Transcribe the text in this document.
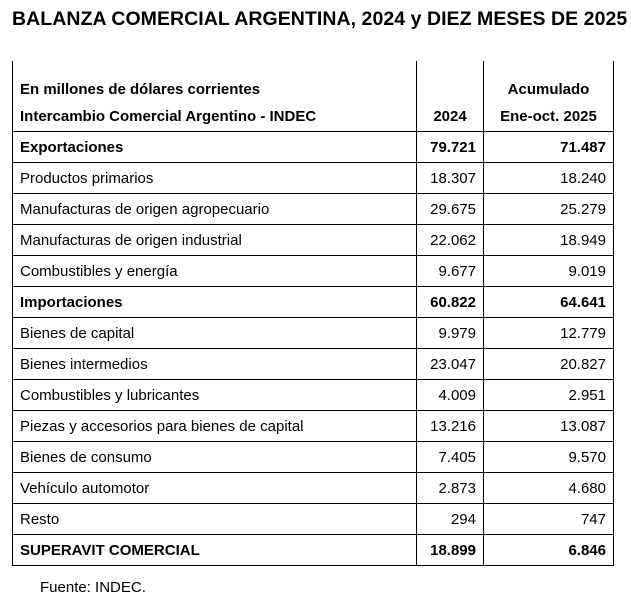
BALANZA COMERCIAL ARGENTINA, 2024 y DIEZ MESES DE 2025
En millones de dólares corrientes		Acumulado
Intercambio Comercial Argentino - INDEC	2024	Ene-oct. 2025
Exportaciones	79.721	71.487
Productos primarios	18.307	18.240
Manufacturas de origen agropecuario	29.675	25.279
Manufacturas de origen industrial	22.062	18.949
Combustibles y energía	9.677	9.019
Importaciones	60.822	64.641
Bienes de capital	9.979	12.779
Bienes intermedios	23.047	20.827
Combustibles y lubricantes	4.009	2.951
Piezas y accesorios para bienes de capital	13.216	13.087
Bienes de consumo	7.405	9.570
Vehículo automotor	2.873	4.680
Resto	294	747
SUPERAVIT COMERCIAL	18.899	6.846
Fuente: INDEC.
